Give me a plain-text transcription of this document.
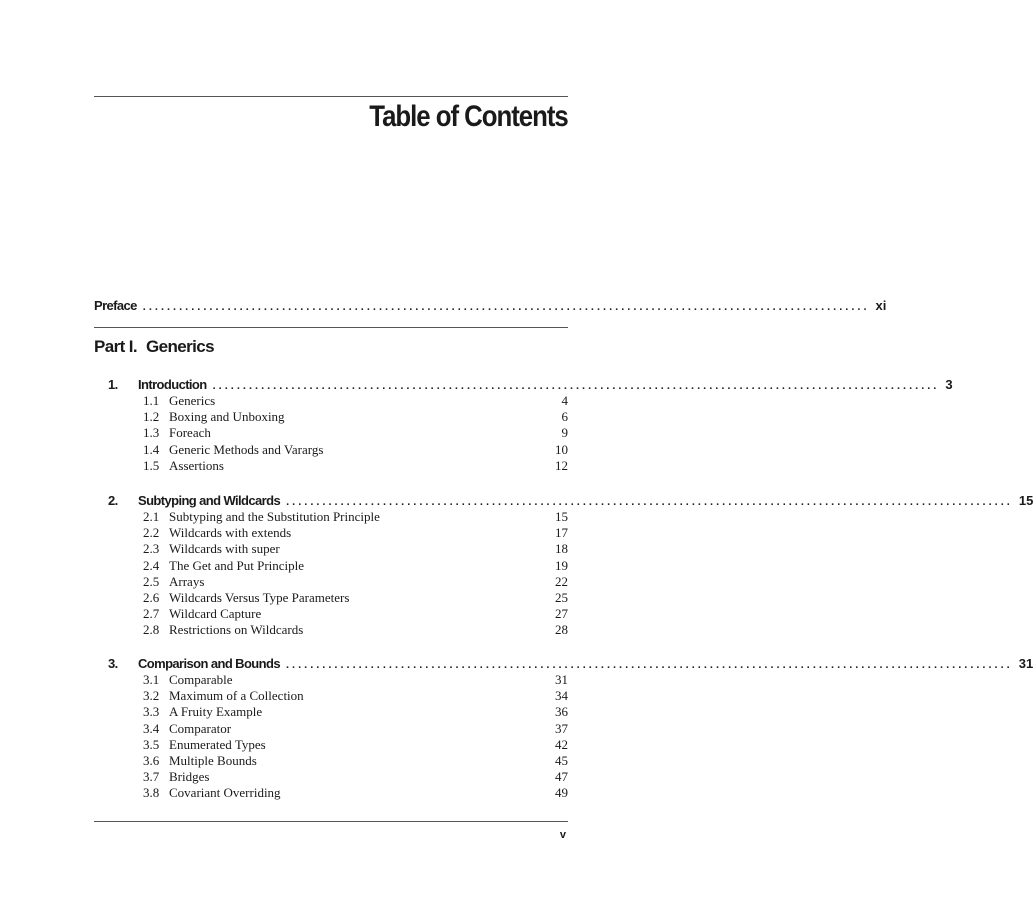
Table of Contents
Preface ........................................................................................................................ xi
Part I. Generics
1. Introduction ........................................................................................................................ 3
1.1 Generics	4
1.2 Boxing and Unboxing	6
1.3 Foreach	9
1.4 Generic Methods and Varargs	10
1.5 Assertions	12
2. Subtyping and Wildcards ........................................................................................................................ 15
2.1 Subtyping and the Substitution Principle	15
2.2 Wildcards with extends	17
2.3 Wildcards with super	18
2.4 The Get and Put Principle	19
2.5 Arrays	22
2.6 Wildcards Versus Type Parameters	25
2.7 Wildcard Capture	27
2.8 Restrictions on Wildcards	28
3. Comparison and Bounds ........................................................................................................................ 31
3.1 Comparable	31
3.2 Maximum of a Collection	34
3.3 A Fruity Example	36
3.4 Comparator	37
3.5 Enumerated Types	42
3.6 Multiple Bounds	45
3.7 Bridges	47
3.8 Covariant Overriding	49
v
